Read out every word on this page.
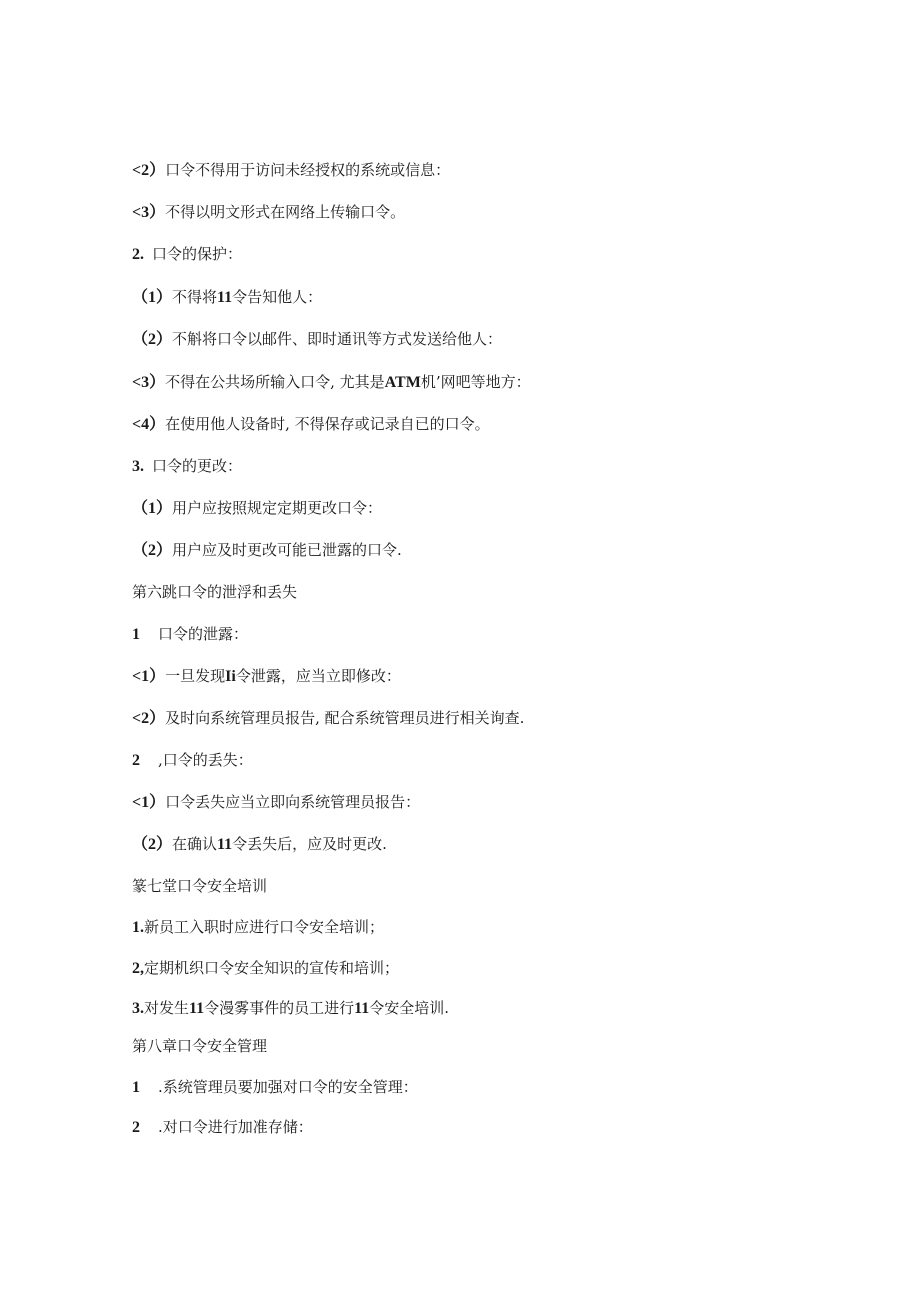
<2）口令不得用于访问未经授权的系统或信息：
<3）不得以明文形式在网络上传输口令。
2. 口令的保护：
（1）不得将11令告知他人：
（2）不斛将口令以邮件、即时通讯等方式发送给他人：
<3）不得在公共场所输入口令, 尤其是ATM机’网吧等地方：
<4）在使用他人设备时, 不得保存或记录自已的口令。
3. 口令的更改：
（1）用户应按照规定定期更改口令：
（2）用户应及时更改可能已泄露的口令.
第六跳口令的泄浮和丢失
1 口令的泄露：
<1）一旦发现Ii令泄露，应当立即修改：
<2）及时向系统管理员报告, 配合系统管理员进行相关询查.
2 ,口令的丢失：
<1）口令丢失应当立即向系统管理员报告：
（2）在确认11令丢失后，应及时更改.
篆七堂口令安全培训
1.新员工入职时应进行口令安全培训；
2,定期机织口令安全知识的宣传和培训；
3.对发生11令漫雾事件的员工进行11令安全培训.
第八章口令安全管理
1 .系统管理员要加强对口令的安全管理：
2 .对口令进行加准存储：
